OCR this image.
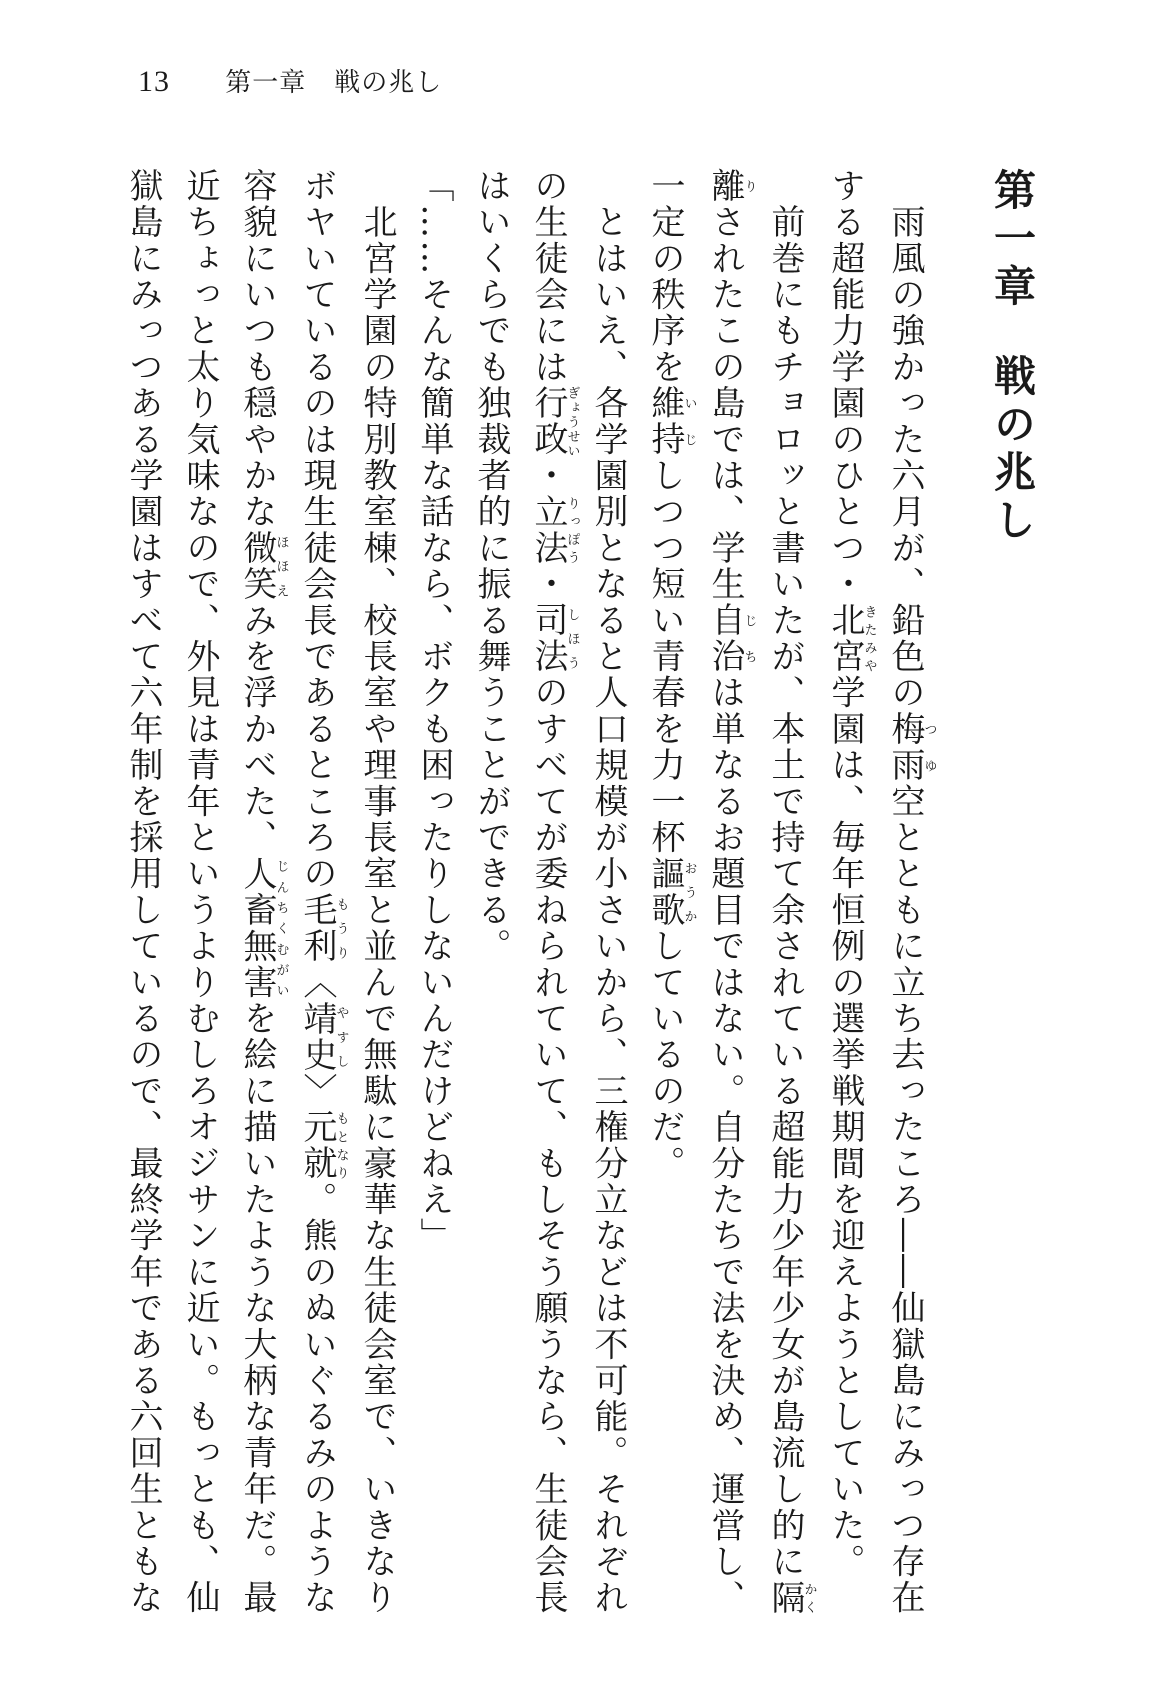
13 第一章 戦の兆し
第一章戦の兆し

　雨風の強かった六月が、鉛色の梅雨つゆ空とともに立ち去ったころ――仙獄島にみっつ存在

する超能力学園のひとつ・北宮きたみや学園は、毎年恒例の選挙戦期間を迎えようとしていた。

　前巻にもチョロッと書いたが、本土で持て余されている超能力少年少女が島流し的に隔かく

離りされたこの島では、学生自治じちは単なるお題目ではない。自分たちで法を決め、運営し、

一定の秩序を維持いじしつつ短い青春を力一杯謳歌おうかしているのだ。

　とはいえ、各学園別となると人口規模が小さいから、三権分立などは不可能。それぞれ

の生徒会には行政ぎょうせい・立法りっぽう・司法しほうのすべてが委ねられていて、もしそう願うなら、生徒会長

はいくらでも独裁者的に振る舞うことができる。

「……そんな簡単な話なら、ボクも困ったりしないんだけどねえ」

　北宮学園の特別教室棟、校長室や理事長室と並んで無駄に豪華な生徒会室で、いきなり

ボヤいているのは現生徒会長であるところの毛利もうり〈靖史やすし〉元就もとなり。熊のぬいぐるみのような

容貌にいつも穏やかな微笑ほほえみを浮かべた、人畜無害じんちくむがいを絵に描いたような大柄な青年だ。最

近ちょっと太り気味なので、外見は青年というよりむしろオジサンに近い。もっとも、仙

獄島にみっつある学園はすべて六年制を採用しているので、最終学年である六回生ともな
